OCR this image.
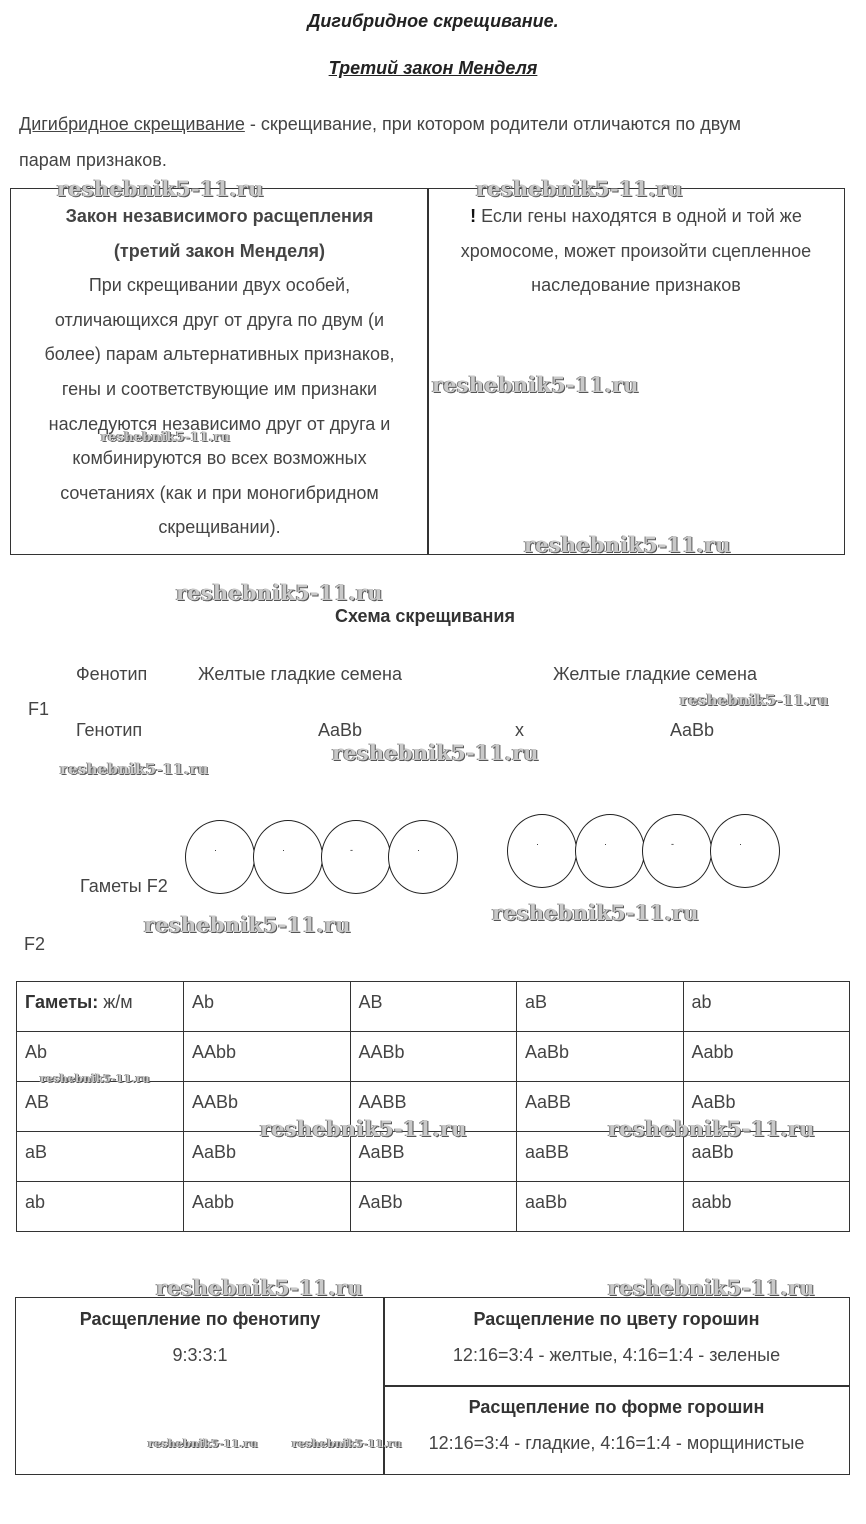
Дигибридное скрещивание.
Третий закон Менделя
Дигибридное скрещивание - скрещивание, при котором родители отличаются по двум
парам признаков.
Закон независимого расщепления
(третий закон Менделя)
При скрещивании двух особей,
отличающихся друг от друга по двум (и
более) парам альтернативных признаков,
гены и соответствующие им признаки
наследуются независимо друг от друга и
комбинируются во всех возможных
сочетаниях (как и при моногибридном
скрещивании).
! Если гены находятся в одной и той же
хромосоме, может произойти сцепленное
наследование признаков
Схема скрещивания
Фенотип	Желтые гладкие семена	Желтые гладкие семена
F1
Генотип	AaBb	x	AaBb
·	·	-	·
·	·	-	·
Гаметы F2
F2
Гаметы: ж/м	Ab	AB	aB	ab
Ab	AAbb	AABb	AaBb	Aabb
AB	AABb	AABB	AaBB	AaBb
aB	AaBb	AaBB	aaBB	aaBb
ab	Aabb	AaBb	aaBb	aabb
Расщепление по фенотипу
9:3:3:1
Расщепление по цвету горошин
12:16=3:4 - желтые, 4:16=1:4 - зеленые
Расщепление по форме горошин
12:16=3:4 - гладкие, 4:16=1:4 - морщинистые
reshebnik5-11.ru	reshebnik5-11.ru
reshebnik5-11.ru
reshebnik5-11.ru
reshebnik5-11.ru
reshebnik5-11.ru
reshebnik5-11.ru
reshebnik5-11.ru
reshebnik5-11.ru
reshebnik5-11.ru
reshebnik5-11.ru
reshebnik5-11.ru
reshebnik5-11.ru	reshebnik5-11.ru
reshebnik5-11.ru	reshebnik5-11.ru
reshebnik5-11.ru	reshebnik5-11.ru
